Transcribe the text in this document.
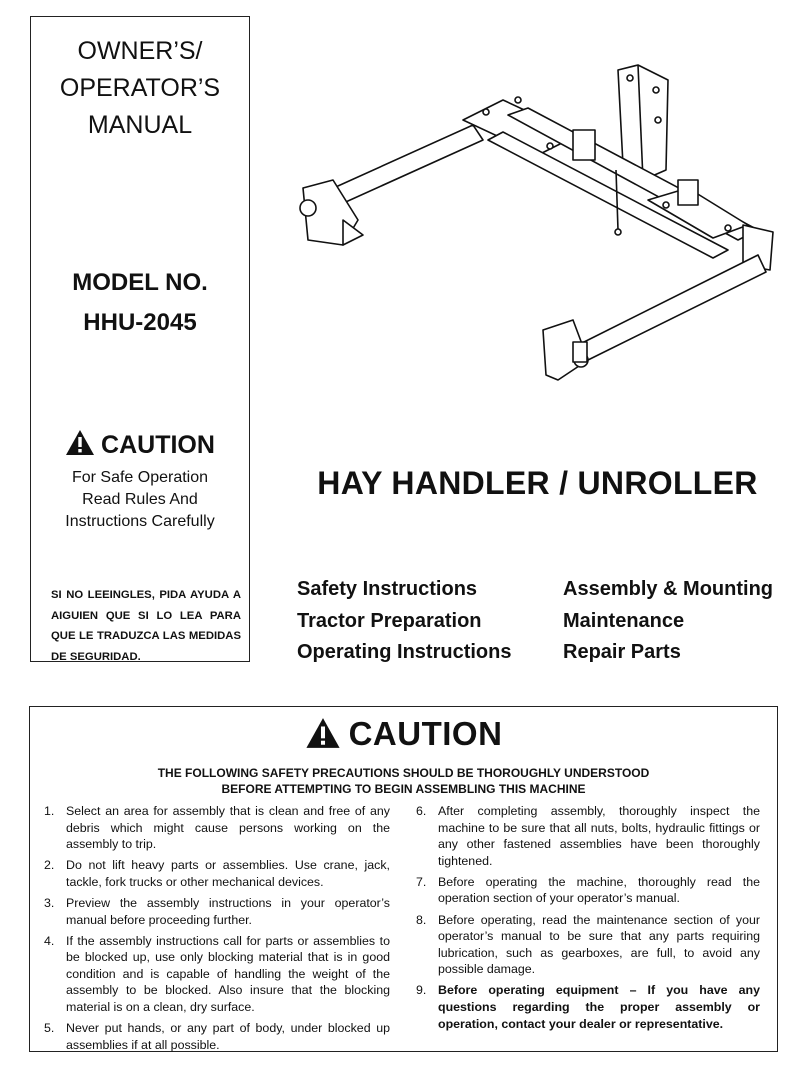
OWNER’S/
OPERATOR’S
MANUAL
MODEL NO.
HHU-2045
CAUTION
For Safe Operation
Read Rules And
Instructions Carefully
SI NO LEEINGLES, PIDA AYUDA A AIGUIEN QUE SI LO LEA PARA QUE LE TRADUZCA LAS MEDIDAS DE SEGURIDAD.
HAY HANDLER / UNROLLER
Safety Instructions
Tractor Preparation
Operating Instructions
Assembly & Mounting
Maintenance
Repair Parts
CAUTION
THE FOLLOWING SAFETY PRECAUTIONS SHOULD BE THOROUGHLY UNDERSTOOD
BEFORE ATTEMPTING TO BEGIN ASSEMBLING THIS MACHINE
1. Select an area for assembly that is clean and free of any debris which might cause persons working on the assembly to trip.
2. Do not lift heavy parts or assemblies. Use crane, jack, tackle, fork trucks or other mechanical devices.
3. Preview the assembly instructions in your operator’s manual before proceeding further.
4. If the assembly instructions call for parts or assemblies to be blocked up, use only blocking material that is in good condition and is capable of handling the weight of the assembly to be blocked. Also insure that the blocking material is on a clean, dry surface.
5. Never put hands, or any part of body, under blocked up assemblies if at all possible.
6. After completing assembly, thoroughly inspect the machine to be sure that all nuts, bolts, hydraulic fittings or any other fastened assemblies have been thoroughly tightened.
7. Before operating the machine, thoroughly read the operation section of your operator’s manual.
8. Before operating, read the maintenance section of your operator’s manual to be sure that any parts requiring lubrication, such as gearboxes, are full, to avoid any possible damage.
9. Before operating equipment – If you have any questions regarding the proper assembly or operation, contact your dealer or representative.
